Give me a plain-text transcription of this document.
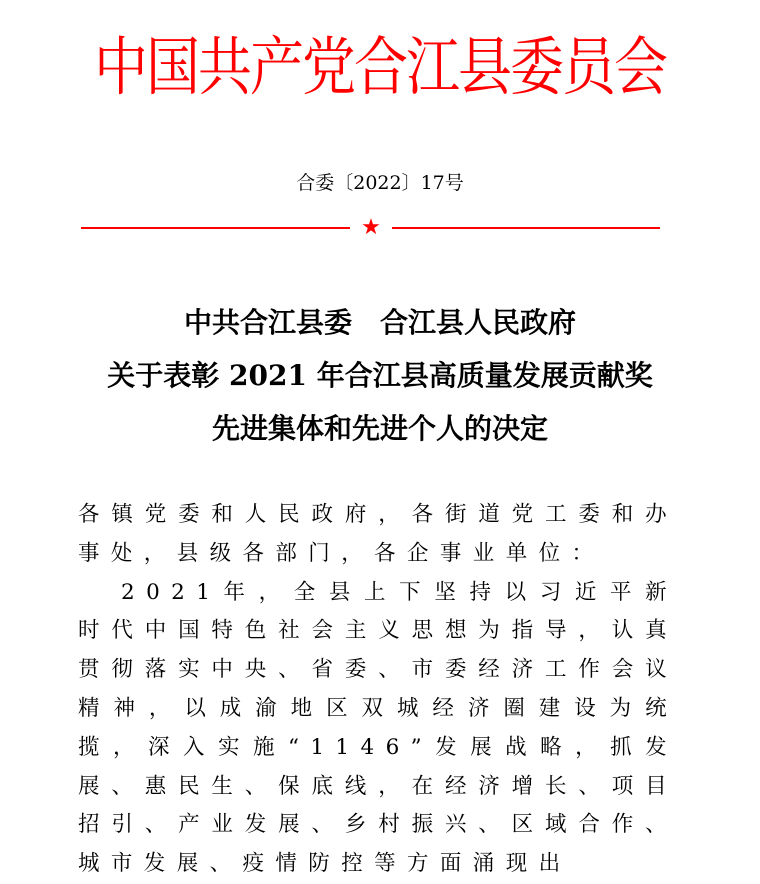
中国共产党合江县委员会
合委〔2022〕17号
★
中共合江县委　合江县人民政府
关于表彰 2021 年合江县高质量发展贡献奖
先进集体和先进个人的决定

各镇党委和人民政府，各街道党工委和办事处，县级各部门，各企事业单位：

2021年，全县上下坚持以习近平新时代中国特色社会主义思想为指导，认真贯彻落实中央、省委、市委经济工作会议精神，以成渝地区双城经济圈建设为统揽，深入实施“1146”发展战略，抓发展、惠民生、保底线，在经济增长、项目招引、产业发展、乡村振兴、区域合作、城市发展、疫情防控等方面涌现出
